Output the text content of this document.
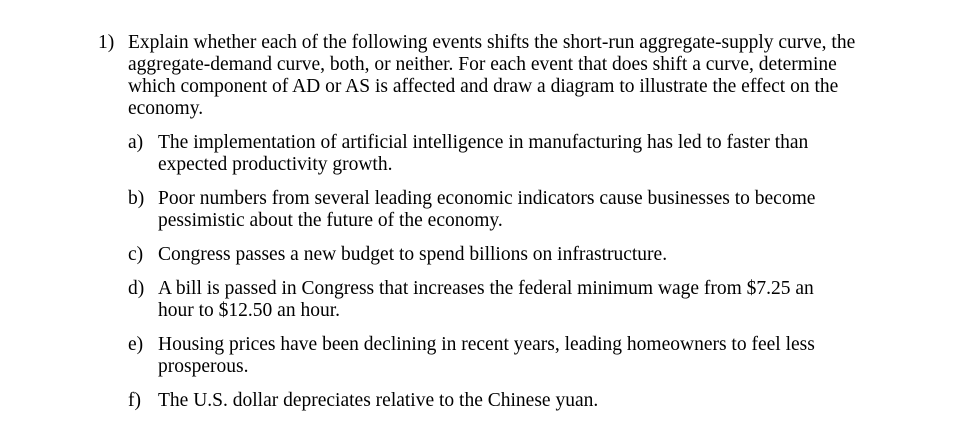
1) Explain whether each of the following events shifts the short-run aggregate-supply curve, the aggregate-demand curve, both, or neither. For each event that does shift a curve, determine which component of AD or AS is affected and draw a diagram to illustrate the effect on the economy.
a) The implementation of artificial intelligence in manufacturing has led to faster than expected productivity growth.
b) Poor numbers from several leading economic indicators cause businesses to become pessimistic about the future of the economy.
c) Congress passes a new budget to spend billions on infrastructure.
d) A bill is passed in Congress that increases the federal minimum wage from $7.25 an hour to $12.50 an hour.
e) Housing prices have been declining in recent years, leading homeowners to feel less prosperous.
f) The U.S. dollar depreciates relative to the Chinese yuan.
